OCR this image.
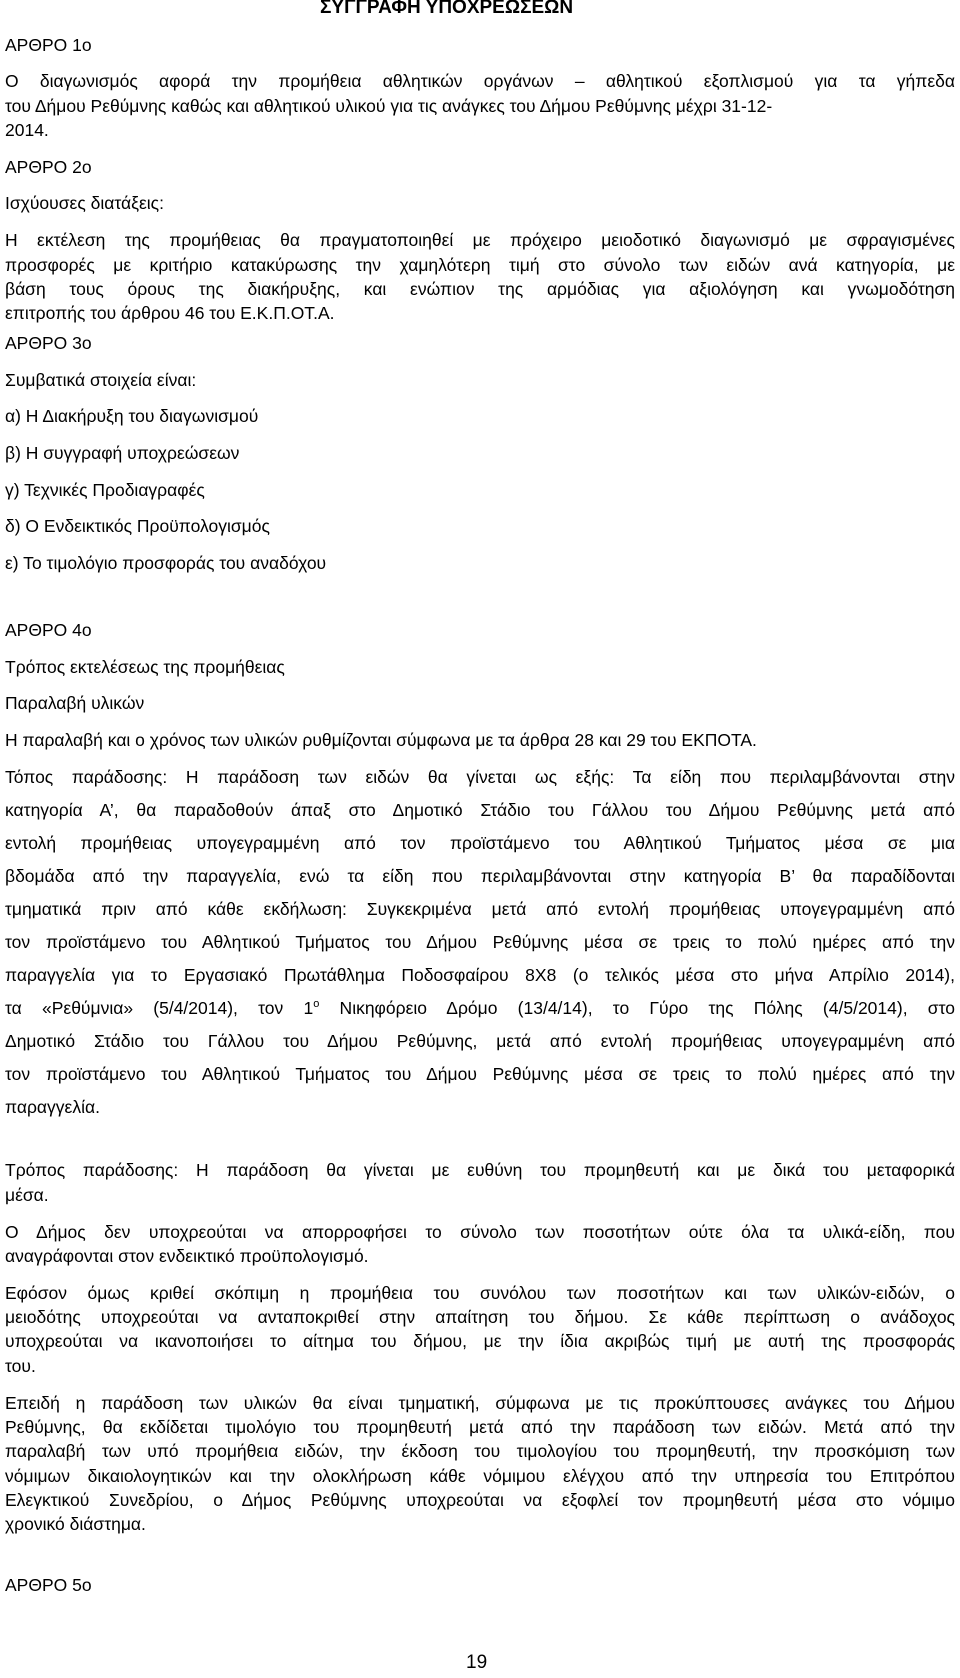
ΣΥΓΓΡΑΦΗ ΥΠΟΧΡΕΩΣΕΩΝ
ΑΡΘΡΟ 1ο
Ο διαγωνισμός αφορά την προμήθεια αθλητικών οργάνων – αθλητικού εξοπλισμού για τα γήπεδα
του Δήμου Ρεθύμνης καθώς και αθλητικού υλικού για τις ανάγκες του Δήμου Ρεθύμνης μέχρι 31-12-
2014.
ΑΡΘΡΟ 2ο
Ισχύουσες διατάξεις:
Η εκτέλεση της προμήθειας θα πραγματοποιηθεί με πρόχειρο μειοδοτικό διαγωνισμό με σφραγισμένες
προσφορές με κριτήριο κατακύρωσης την χαμηλότερη τιμή στο σύνολο των ειδών ανά κατηγορία, με
βάση τους όρους της διακήρυξης, και ενώπιον της αρμόδιας για αξιολόγηση και γνωμοδότηση
επιτροπής του άρθρου 46 του Ε.Κ.Π.ΟΤ.Α.
ΑΡΘΡΟ 3ο
Συμβατικά στοιχεία είναι:
α) Η Διακήρυξη του διαγωνισμού
β) Η συγγραφή υποχρεώσεων
γ) Τεχνικές Προδιαγραφές
δ) Ο Ενδεικτικός Προϋπολογισμός
ε) Το τιμολόγιο προσφοράς του αναδόχου
ΑΡΘΡΟ 4ο
Τρόπος εκτελέσεως της προμήθειας
Παραλαβή υλικών
Η παραλαβή και ο χρόνος των υλικών ρυθμίζονται σύμφωνα με τα άρθρα 28 και 29 του ΕΚΠΟΤΑ.
Τόπος παράδοσης: Η παράδοση των ειδών θα γίνεται ως εξής: Τα είδη που περιλαμβάνονται στην
κατηγορία Α’, θα παραδοθούν άπαξ στο Δημοτικό Στάδιο του Γάλλου του Δήμου Ρεθύμνης μετά από
εντολή προμήθειας υπογεγραμμένη από τον προϊστάμενο του Αθλητικού Τμήματος μέσα σε μια
βδομάδα από την παραγγελία, ενώ τα είδη που περιλαμβάνονται στην κατηγορία Β’ θα παραδίδονται
τμηματικά πριν από κάθε εκδήλωση: Συγκεκριμένα μετά από εντολή προμήθειας υπογεγραμμένη από
τον προϊστάμενο του Αθλητικού Τμήματος του Δήμου Ρεθύμνης μέσα σε τρεις το πολύ ημέρες από την
παραγγελία για το Εργασιακό Πρωτάθλημα Ποδοσφαίρου 8Χ8 (ο τελικός μέσα στο μήνα Απρίλιο 2014),
τα «Ρεθύμνια» (5/4/2014), τον $1^o$ Νικηφόρειο Δρόμο (13/4/14), το Γύρο της Πόλης (4/5/2014), στο
Δημοτικό Στάδιο του Γάλλου του Δήμου Ρεθύμνης, μετά από εντολή προμήθειας υπογεγραμμένη από
τον προϊστάμενο του Αθλητικού Τμήματος του Δήμου Ρεθύμνης μέσα σε τρεις το πολύ ημέρες από την
παραγγελία.
Τρόπος παράδοσης: Η παράδοση θα γίνεται με ευθύνη του προμηθευτή και με δικά του μεταφορικά
μέσα.
Ο Δήμος δεν υποχρεούται να απορροφήσει το σύνολο των ποσοτήτων ούτε όλα τα υλικά-είδη, που
αναγράφονται στον ενδεικτικό προϋπολογισμό.
Εφόσον όμως κριθεί σκόπιμη η προμήθεια του συνόλου των ποσοτήτων και των υλικών-ειδών, ο
μειοδότης υποχρεούται να ανταποκριθεί στην απαίτηση του δήμου. Σε κάθε περίπτωση ο ανάδοχος
υποχρεούται να ικανοποιήσει το αίτημα του δήμου, με την ίδια ακριβώς τιμή με αυτή της προσφοράς
του.
Επειδή η παράδοση των υλικών θα είναι τμηματική, σύμφωνα με τις προκύπτουσες ανάγκες του Δήμου
Ρεθύμνης, θα εκδίδεται τιμολόγιο του προμηθευτή μετά από την παράδοση των ειδών. Μετά από την
παραλαβή των υπό προμήθεια ειδών, την έκδοση του τιμολογίου του προμηθευτή, την προσκόμιση των
νόμιμων δικαιολογητικών και την ολοκλήρωση κάθε νόμιμου ελέγχου από την υπηρεσία του Επιτρόπου
Ελεγκτικού Συνεδρίου, ο Δήμος Ρεθύμνης υποχρεούται να εξοφλεί τον προμηθευτή μέσα στο νόμιμο
χρονικό διάστημα.
ΑΡΘΡΟ 5ο
19
